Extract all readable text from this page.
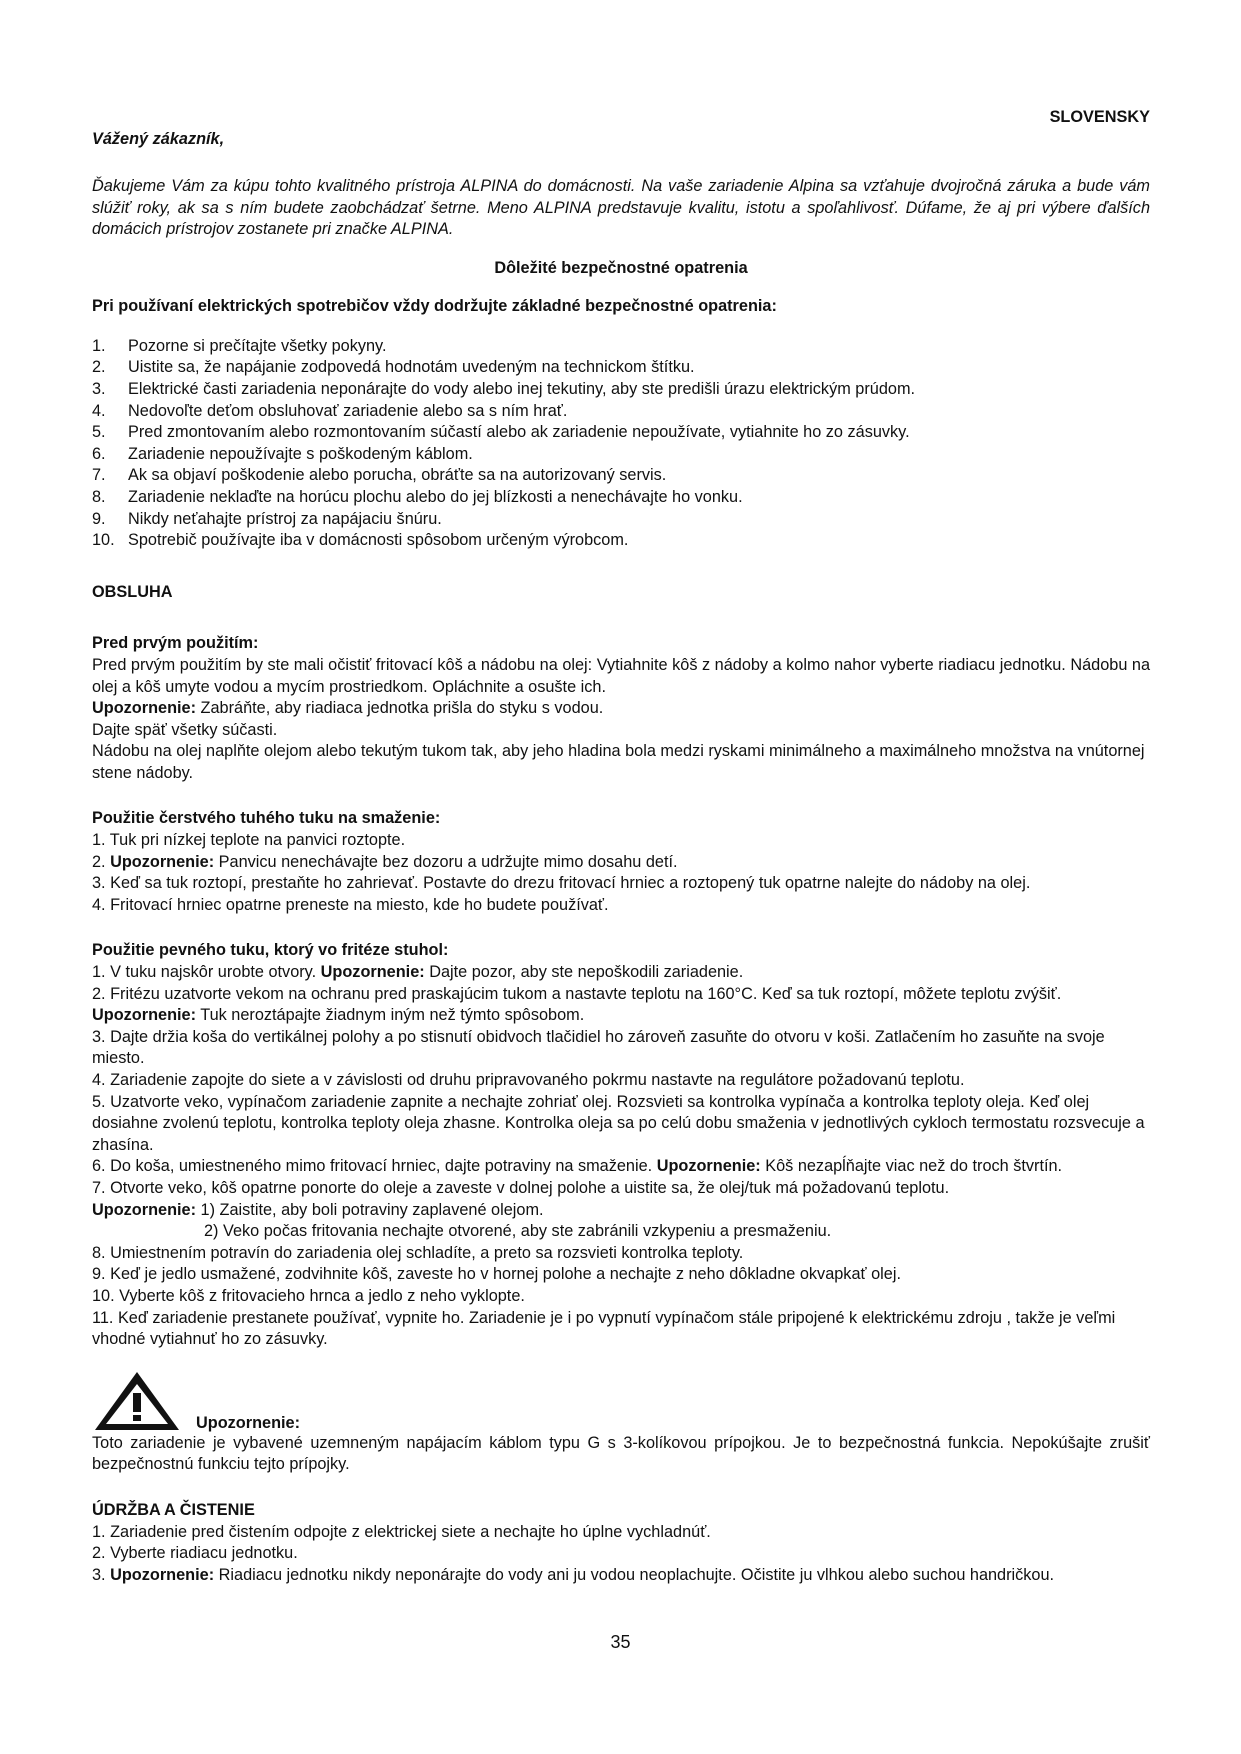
SLOVENSKY

Vážený zákazník,

Ďakujeme Vám za kúpu tohto kvalitného prístroja ALPINA do domácnosti. Na vaše zariadenie Alpina sa vzťahuje dvojročná záruka a bude vám slúžiť roky, ak sa s ním budete zaobchádzať šetrne. Meno ALPINA predstavuje kvalitu, istotu a spoľahlivosť. Dúfame, že aj pri výbere ďalších domácich prístrojov zostanete pri značke ALPINA.

Dôležité bezpečnostné opatrenia

Pri používaní elektrických spotrebičov vždy dodržujte základné bezpečnostné opatrenia:

1. Pozorne si prečítajte všetky pokyny.
2. Uistite sa, že napájanie zodpovedá hodnotám uvedeným na technickom štítku.
3. Elektrické časti zariadenia neponárajte do vody alebo inej tekutiny, aby ste predišli úrazu elektrickým prúdom.
4. Nedovoľte deťom obsluhovať zariadenie alebo sa s ním hrať.
5. Pred zmontovaním alebo rozmontovaním súčastí alebo ak zariadenie nepoužívate, vytiahnite ho zo zásuvky.
6. Zariadenie nepoužívajte s poškodeným káblom.
7. Ak sa objaví poškodenie alebo porucha, obráťte sa na autorizovaný servis.
8. Zariadenie neklaďte na horúcu plochu alebo do jej blízkosti a nenechávajte ho vonku.
9. Nikdy neťahajte prístroj za napájaciu šnúru.
10. Spotrebič používajte iba v domácnosti spôsobom určeným výrobcom.

OBSLUHA

Pred prvým použitím:

Pred prvým použitím by ste mali očistiť fritovací kôš a nádobu na olej: Vytiahnite kôš z nádoby a kolmo nahor vyberte riadiacu jednotku. Nádobu na olej a kôš umyte vodou a mycím prostriedkom. Opláchnite a osušte ich.

Upozornenie: Zabráňte, aby riadiaca jednotka prišla do styku s vodou.

Dajte späť všetky súčasti.

Nádobu na olej naplňte olejom alebo tekutým tukom tak, aby jeho hladina bola medzi ryskami minimálneho a maximálneho množstva na vnútornej stene nádoby.

Použitie čerstvého tuhého tuku na smaženie:

1. Tuk pri nízkej teplote na panvici roztopte.

2. Upozornenie: Panvicu nenechávajte bez dozoru a udržujte mimo dosahu detí.

3. Keď sa tuk roztopí, prestaňte ho zahrievať. Postavte do drezu fritovací hrniec a roztopený tuk opatrne nalejte do nádoby na olej.

4. Fritovací hrniec opatrne preneste na miesto, kde ho budete používať.

Použitie pevného tuku, ktorý vo fritéze stuhol:

1. V tuku najskôr urobte otvory. Upozornenie: Dajte pozor, aby ste nepoškodili zariadenie.

2. Fritézu uzatvorte vekom na ochranu pred praskajúcim tukom a nastavte teplotu na 160°C. Keď sa tuk roztopí, môžete teplotu zvýšiť.

Upozornenie: Tuk neroztápajte žiadnym iným než týmto spôsobom.

3. Dajte držia koša do vertikálnej polohy a po stisnutí obidvoch tlačidiel ho zároveň zasuňte do otvoru v koši. Zatlačením ho zasuňte na svoje miesto.

4. Zariadenie zapojte do siete a v závislosti od druhu pripravovaného pokrmu nastavte na regulátore požadovanú teplotu.

5. Uzatvorte veko, vypínačom zariadenie zapnite a nechajte zohriať olej. Rozsvieti sa kontrolka vypínača a kontrolka teploty oleja. Keď olej dosiahne zvolenú teplotu, kontrolka teploty oleja zhasne. Kontrolka oleja sa po celú dobu smaženia v jednotlivých cykloch termostatu rozsvecuje a zhasína.

6. Do koša, umiestneného mimo fritovací hrniec, dajte potraviny na smaženie. Upozornenie: Kôš nezapĺňajte viac než do troch štvrtín.

7. Otvorte veko, kôš opatrne ponorte do oleje a zaveste v dolnej polohe a uistite sa, že olej/tuk má požadovanú teplotu.

Upozornenie: 1) Zaistite, aby boli potraviny zaplavené olejom.

2) Veko počas fritovania nechajte otvorené, aby ste zabránili vzkypeniu a presmaženiu.

8. Umiestnením potravín do zariadenia olej schladíte, a preto sa rozsvieti kontrolka teploty.

9. Keď je jedlo usmažené, zodvihnite kôš, zaveste ho v hornej polohe a nechajte z neho dôkladne okvapkať olej.

10. Vyberte kôš z fritovacieho hrnca a jedlo z neho vyklopte.

11. Keď zariadenie prestanete používať, vypnite ho. Zariadenie je i po vypnutí vypínačom stále pripojené k elektrickému zdroju , takže je veľmi vhodné vytiahnuť ho zo zásuvky.

Upozornenie:

Toto zariadenie je vybavené uzemneným napájacím káblom typu G s 3-kolíkovou prípojkou. Je to bezpečnostná funkcia. Nepokúšajte zrušiť bezpečnostnú funkciu tejto prípojky.

ÚDRŽBA A ČISTENIE

1. Zariadenie pred čistením odpojte z elektrickej siete a nechajte ho úplne vychladnúť.

2. Vyberte riadiacu jednotku.

3. Upozornenie: Riadiacu jednotku nikdy neponárajte do vody ani ju vodou neoplachujte. Očistite ju vlhkou alebo suchou handričkou.

35
